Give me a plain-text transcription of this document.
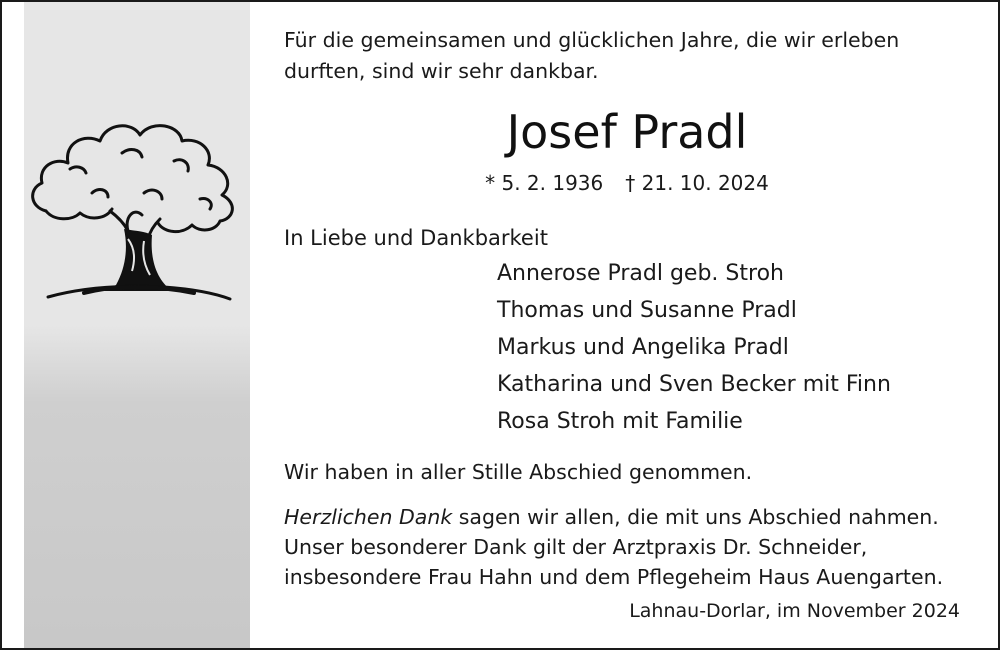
Für die gemeinsamen und glücklichen Jahre, die wir erleben durften, sind wir sehr dankbar.

Josef Pradl
* 5. 2. 1936 † 21. 10. 2024
In Liebe und Dankbarkeit
Annerose Pradl geb. Stroh
Thomas und Susanne Pradl
Markus und Angelika Pradl
Katharina und Sven Becker mit Finn
Rosa Stroh mit Familie

Wir haben in aller Stille Abschied genommen.

Herzlichen Dank sagen wir allen, die mit uns Abschied nahmen. Unser besonderer Dank gilt der Arztpraxis Dr. Schneider, insbesondere Frau Hahn und dem Pflegeheim Haus Auengarten.

Lahnau-Dorlar, im November 2024
